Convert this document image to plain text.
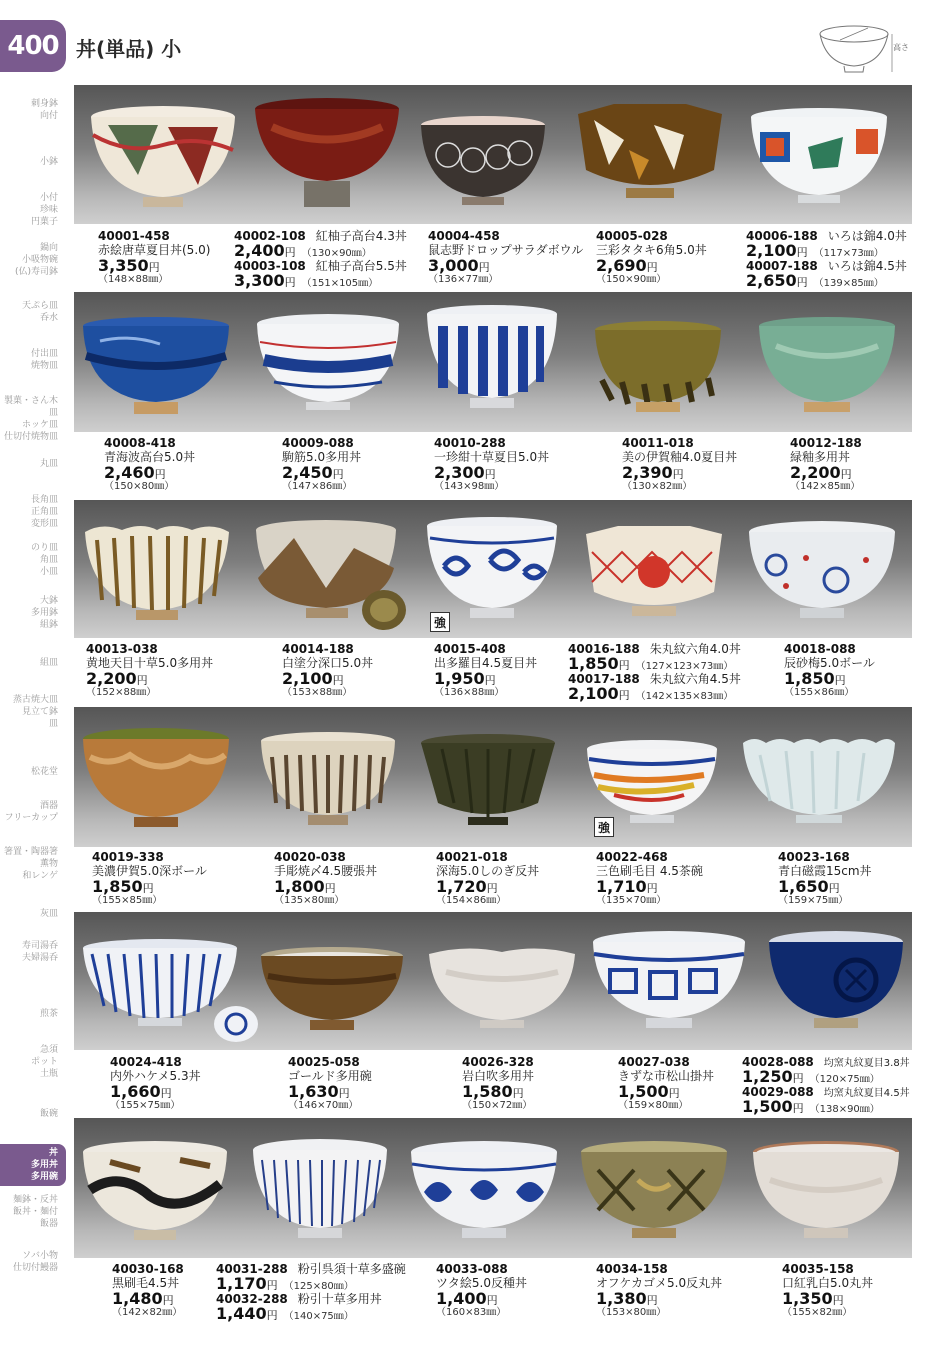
400 丼(単品) 小	高さ
刺身鉢
向付
小鉢
小付
珍味
円菓子
鍋向
小吸物碗
(仏)寿司鉢
天ぷら皿
呑水
付出皿
焼物皿
製菓・さん木皿
ホッケ皿
仕切付焼物皿
丸皿
長角皿
正角皿
変形皿
のり皿
角皿
小皿
大鉢
多用鉢
組鉢
組皿
蒸古焼大皿
見立て鉢
皿
松花堂
酒器
フリーカップ
箸置・陶器箸
薫物
和レンゲ
灰皿
寿司湯呑
夫婦湯呑
煎茶
急須
ポット
土瓶
飯碗
丼
多用丼
多用碗
麺鉢・反丼
飯丼・麺付
飯器
ソバ小物
仕切付鰻器
強
強
40001-458
赤絵唐草夏目丼(5.0)
3,350円
（148×88㎜）
40002-108 紅柚子高台4.3丼
2,400円 （130×90㎜）
40003-108 紅柚子高台5.5丼
3,300円 （151×105㎜）
40004-458
鼠志野ドロップサラダボウル
3,000円
（136×77㎜）
40005-028
三彩タタキ6角5.0丼
2,690円
（150×90㎜）
40006-188 いろは錦4.0丼
2,100円 （117×73㎜）
40007-188 いろは錦4.5丼
2,650円 （139×85㎜）
40008-418
青海波高台5.0丼
2,460円
（150×80㎜）
40009-088
駒筋5.0多用丼
2,450円
（147×86㎜）
40010-288
一珍紺十草夏目5.0丼
2,300円
（143×98㎜）
40011-018
美の伊賀釉4.0夏目丼
2,390円
（130×82㎜）
40012-188
緑釉多用丼
2,200円
（142×85㎜）
40013-038
黄地天目十草5.0多用丼
2,200円
（152×88㎜）
40014-188
白塗分深口5.0丼
2,100円
（153×88㎜）
40015-408
出多羅目4.5夏目丼
1,950円
（136×88㎜）
40016-188 朱丸紋六角4.0丼
1,850円 （127×123×73㎜）
40017-188 朱丸紋六角4.5丼
2,100円 （142×135×83㎜）
40018-088
辰砂梅5.0ボール
1,850円
（155×86㎜）
40019-338
美濃伊賀5.0深ボール
1,850円
（155×85㎜）
40020-038
手彫焼〆4.5腰張丼
1,800円
（135×80㎜）
40021-018
深海5.0しのぎ反丼
1,720円
（154×86㎜）
40022-468
三色刷毛目 4.5茶碗
1,710円
（135×70㎜）
40023-168
青白磁霞15cm丼
1,650円
（159×75㎜）
40024-418
内外ハケメ5.3丼
1,660円
（155×75㎜）
40025-058
ゴールド多用碗
1,630円
（146×70㎜）
40026-328
岩白吹多用丼
1,580円
（150×72㎜）
40027-038
きずな市松山掛丼
1,500円
（159×80㎜）
40028-088 均窯丸紋夏目3.8丼
1,250円 （120×75㎜）
40029-088 均窯丸紋夏目4.5丼
1,500円 （138×90㎜）
40030-168
黒刷毛4.5丼
1,480円
（142×82㎜）
40031-288 粉引呉須十草多盛碗
1,170円 （125×80㎜）
40032-288 粉引十草多用丼
1,440円 （140×75㎜）
40033-088
ツタ絵5.0反種丼
1,400円
（160×83㎜）
40034-158
オフケカゴメ5.0反丸丼
1,380円
（153×80㎜）
40035-158
口紅乳白5.0丸丼
1,350円
（155×82㎜）
